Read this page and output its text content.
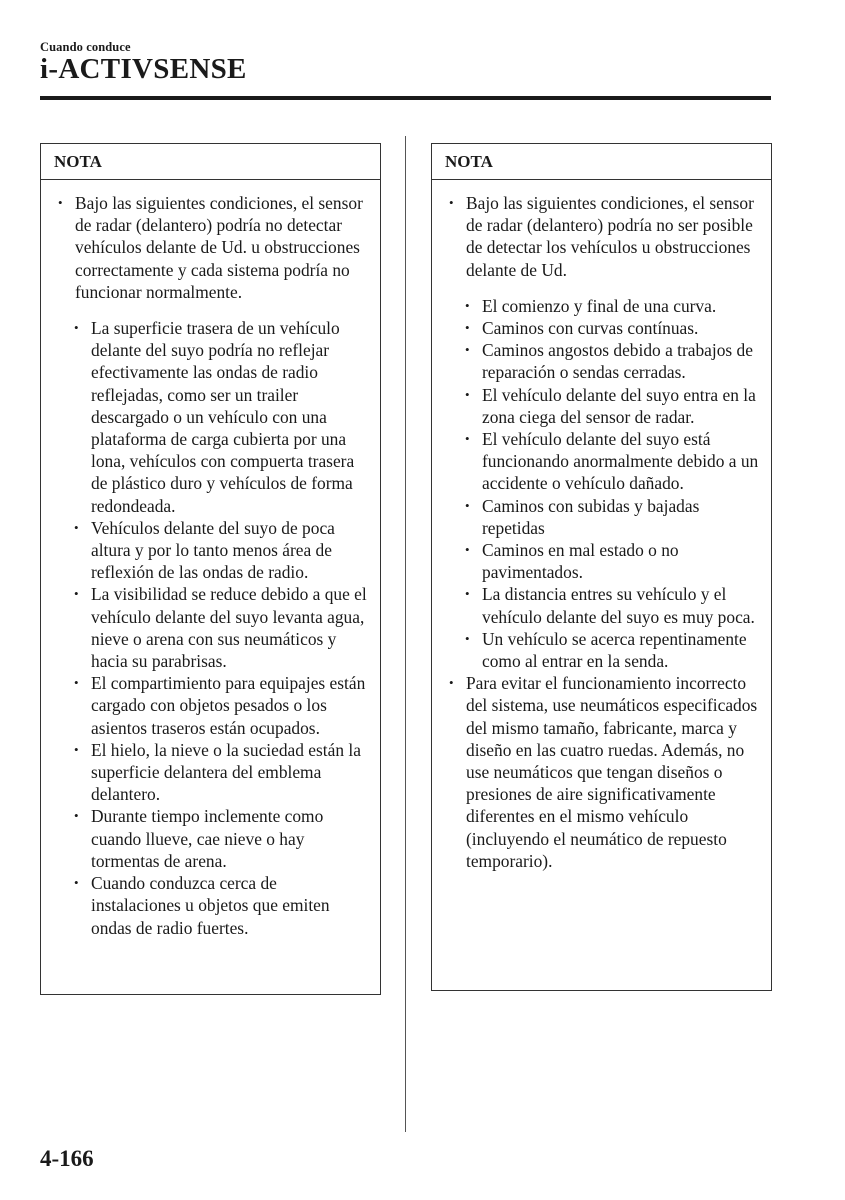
Cuando conduce
i-ACTIVSENSE
NOTA
• Bajo las siguientes condiciones, el sensor de radar (delantero) podría no detectar vehículos delante de Ud. u obstrucciones correctamente y cada sistema podría no funcionar normalmente.
• La superficie trasera de un vehículo delante del suyo podría no reflejar efectivamente las ondas de radio reflejadas, como ser un trailer descargado o un vehículo con una plataforma de carga cubierta por una lona, vehículos con compuerta trasera de plástico duro y vehículos de forma redondeada.
• Vehículos delante del suyo de poca altura y por lo tanto menos área de reflexión de las ondas de radio.
• La visibilidad se reduce debido a que el vehículo delante del suyo levanta agua, nieve o arena con sus neumáticos y hacia su parabrisas.
• El compartimiento para equipajes están cargado con objetos pesados o los asientos traseros están ocupados.
• El hielo, la nieve o la suciedad están la superficie delantera del emblema delantero.
• Durante tiempo inclemente como cuando llueve, cae nieve o hay tormentas de arena.
• Cuando conduzca cerca de instalaciones u objetos que emiten ondas de radio fuertes.
NOTA
• Bajo las siguientes condiciones, el sensor de radar (delantero) podría no ser posible de detectar los vehículos u obstrucciones delante de Ud.
• El comienzo y final de una curva.
• Caminos con curvas contínuas.
• Caminos angostos debido a trabajos de reparación o sendas cerradas.
• El vehículo delante del suyo entra en la zona ciega del sensor de radar.
• El vehículo delante del suyo está funcionando anormalmente debido a un accidente o vehículo dañado.
• Caminos con subidas y bajadas repetidas
• Caminos en mal estado o no pavimentados.
• La distancia entres su vehículo y el vehículo delante del suyo es muy poca.
• Un vehículo se acerca repentinamente como al entrar en la senda.
• Para evitar el funcionamiento incorrecto del sistema, use neumáticos especificados del mismo tamaño, fabricante, marca y diseño en las cuatro ruedas. Además, no use neumáticos que tengan diseños o presiones de aire significativamente diferentes en el mismo vehículo (incluyendo el neumático de repuesto temporario).
4-166
